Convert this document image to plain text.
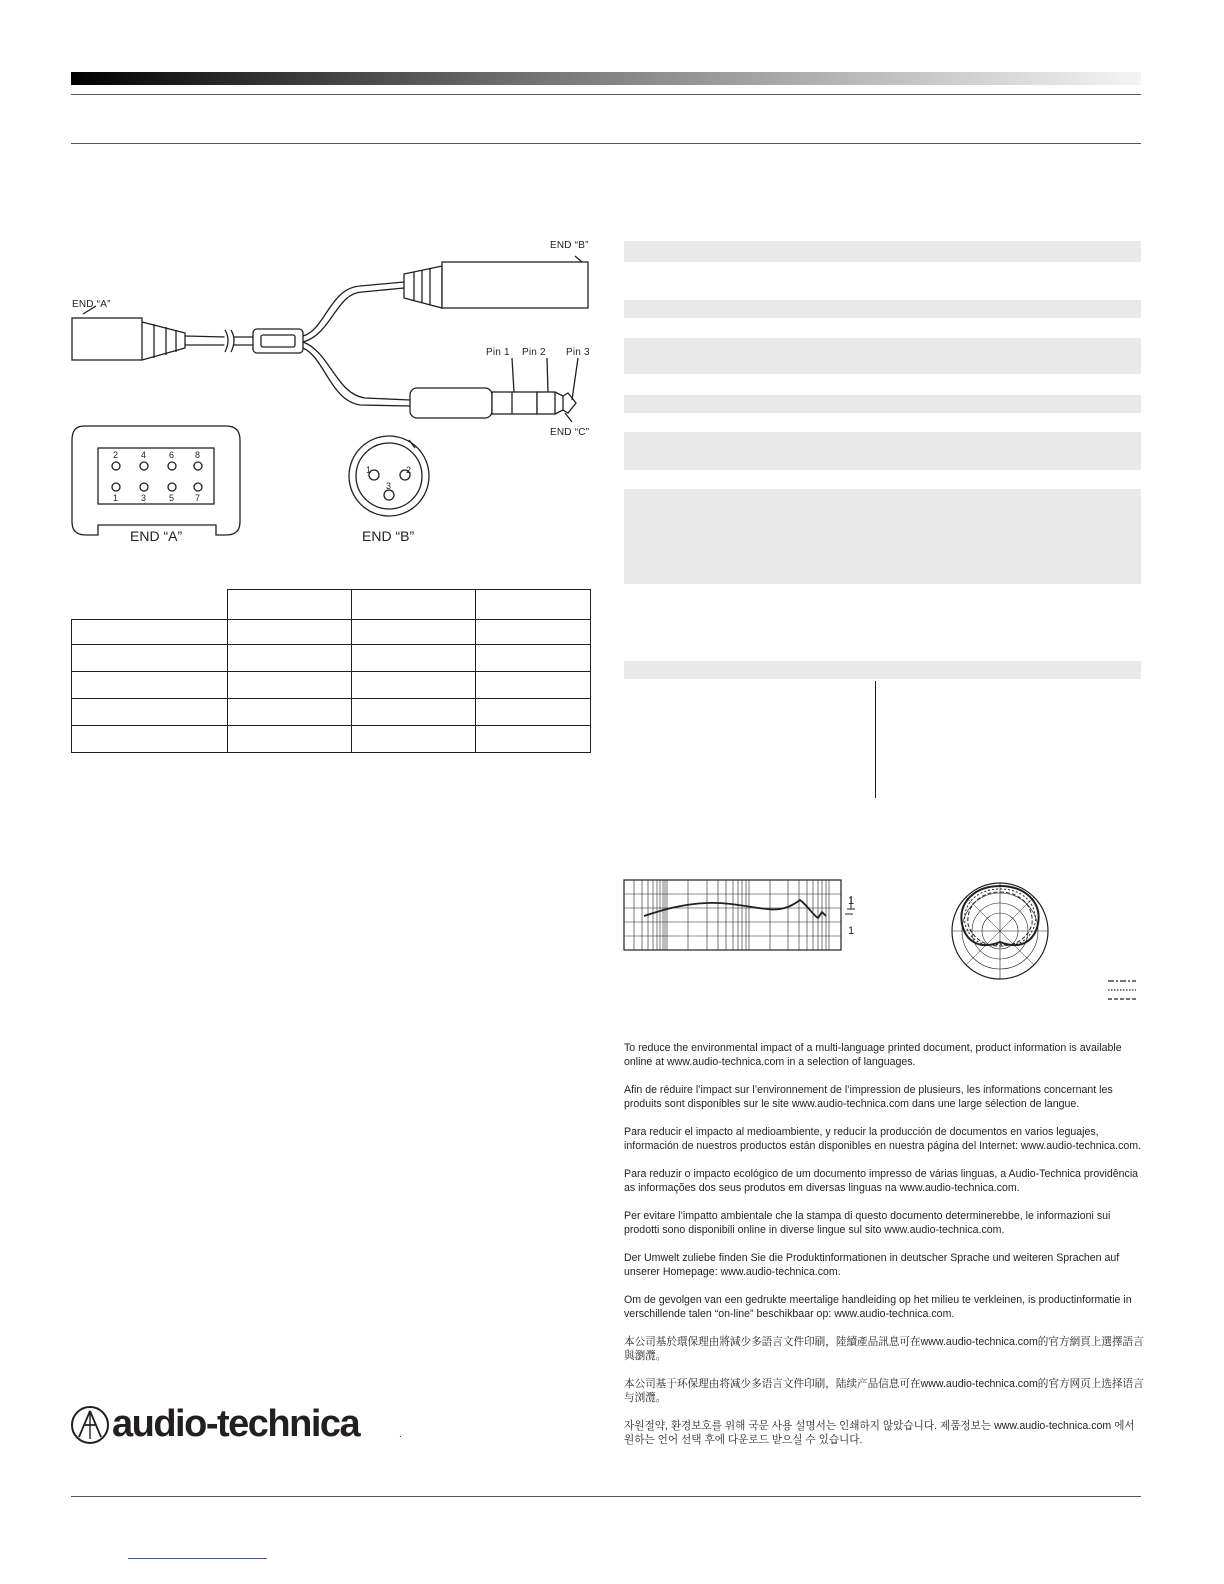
END “A”
END “B”
END “C”
Pin 1 Pin 2 Pin 3
2	4	6 8
1	3	5 7
END “A”
1	2
3
END “B”

1
1

To reduce the environmental impact of a multi-language printed document, product information is available online at www.audio-technica.com in a selection of languages.

Afin de réduire l’impact sur l’environnement de l’impression de plusieurs, les informations concernant les produits sont disponibles sur le site www.audio-technica.com dans une large sélection de langue.

Para reducir el impacto al medioambiente, y reducir la producción de documentos en varios leguajes, información de nuestros productos están disponibles en nuestra página del Internet: www.audio-technica.com.

Para reduzir o impacto ecológico de um documento impresso de várias linguas, a Audio-Technica providência as informações dos seus produtos em diversas linguas na www.audio-technica.com.

Per evitare l’impatto ambientale che la stampa di questo documento determinerebbe, le informazioni sui prodotti sono disponibili online in diverse lingue sul sito www.audio-technica.com.

Der Umwelt zuliebe finden Sie die Produktinformationen in deutscher Sprache und weiteren Sprachen auf unserer Homepage: www.audio-technica.com.

Om de gevolgen van een gedrukte meertalige handleiding op het milieu te verkleinen, is productinformatie in verschillende talen “on-line” beschikbaar op: www.audio-technica.com.

本公司基於環保理由將減少多語言文件印刷，陸續產品訊息可在www.audio-technica.com的官方網頁上選擇語言與瀏灠。

本公司基于环保理由将减少多语言文件印刷，陆续产品信息可在www.audio-technica.com的官方网页上选择语言与浏灠。

자원절약, 환경보호를 위해 국문 사용 설명서는 인쇄하지 않았습니다. 제품정보는 www.audio-technica.com 에서 원하는 언어 선택 후에 다운로드 받으실 수 있습니다.

audio-technica	.
